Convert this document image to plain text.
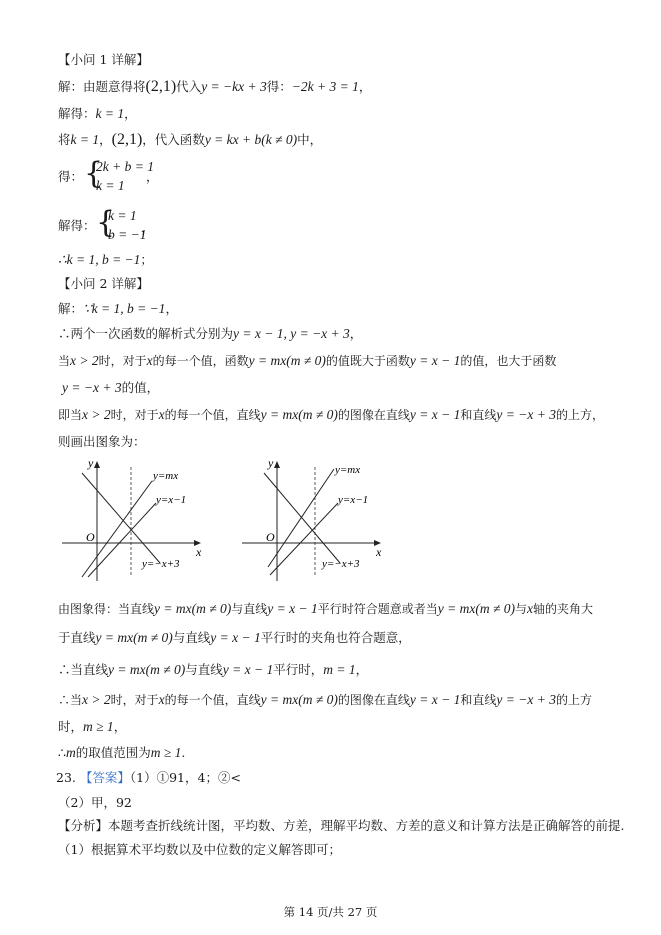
【小问 1 详解】
解：由题意得将(2,1)代入y = −kx + 3得：−2k + 3 = 1，
解得：k = 1，
将k = 1，(2,1)，代入函数y = kx + b(k ≠ 0)中，
得： {
2k + b = 1
k = 1
，
解得： {
k = 1
b = −1
，
∴k = 1, b = −1；
【小问 2 详解】
解：∵k = 1, b = −1，
∴两个一次函数的解析式分别为y = x − 1, y = −x + 3，
当x > 2时，对于x的每一个值，函数y = mx(m ≠ 0)的值既大于函数y = x − 1的值，也大于函数
y = −x + 3的值，
即当x > 2时，对于x的每一个值，直线y = mx(m ≠ 0)的图像在直线y = x − 1和直线y = −x + 3的上方，
则画出图象为：
y
x
O
y=mx
y=x−1
y=−x+3
y
x
O
y=mx
y=x−1
y=−x+3
由图象得：当直线y = mx(m ≠ 0)与直线y = x − 1平行时符合题意或者当y = mx(m ≠ 0)与x轴的夹角大
于直线y = mx(m ≠ 0)与直线y = x − 1平行时的夹角也符合题意，
∴当直线y = mx(m ≠ 0)与直线y = x − 1平行时，m = 1，
∴当x > 2时，对于x的每一个值，直线y = mx(m ≠ 0)的图像在直线y = x − 1和直线y = −x + 3的上方
时，m ≥ 1，
∴m的取值范围为m ≥ 1.
23. 【答案】（1）①91，4；②<
（2）甲，92
【分析】本题考查折线统计图，平均数、方差，理解平均数、方差的意义和计算方法是正确解答的前提.
（1）根据算术平均数以及中位数的定义解答即可；
第 14 页/共 27 页
